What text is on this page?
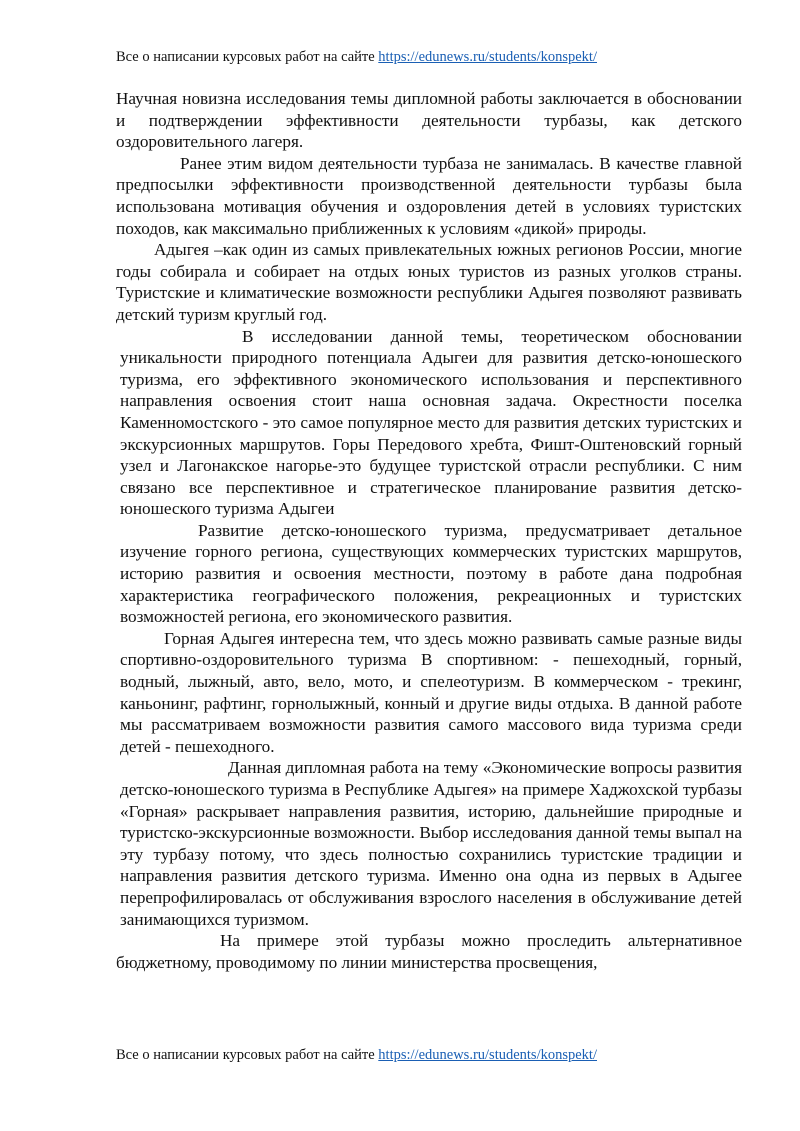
Все о написании курсовых работ на сайте https://edunews.ru/students/konspekt/

Научная новизна исследования темы дипломной работы заключается в обосновании и подтверждении эффективности деятельности турбазы, как детского оздоровительного лагеря.

Ранее этим видом деятельности турбаза не занималась. В качестве главной предпосылки эффективности производственной деятельности турбазы была использована мотивация обучения и оздоровления детей в условиях туристских походов, как максимально приближенных к условиям «дикой» природы.

Адыгея –как один из самых привлекательных южных регионов России, многие годы собирала и собирает на отдых юных туристов из разных уголков страны. Туристские и климатические возможности республики Адыгея позволяют развивать детский туризм круглый год.

В исследовании данной темы, теоретическом обосновании уникальности природного потенциала Адыгеи для развития детско-юношеского туризма, его эффективного экономического использования и перспективного направления освоения стоит наша основная задача. Окрестности поселка Каменномостского - это самое популярное место для развития детских туристских и экскурсионных маршрутов. Горы Передового хребта, Фишт-Оштеновский горный узел и Лагонакское нагорье-это будущее туристской отрасли республики. С ним связано все перспективное и стратегическое планирование развития детско-юношеского туризма Адыгеи

Развитие детско-юношеского туризма, предусматривает детальное изучение горного региона, существующих коммерческих туристских маршрутов, историю развития и освоения местности, поэтому в работе дана подробная характеристика географического положения, рекреационных и туристских возможностей региона, его экономического развития.

Горная Адыгея интересна тем, что здесь можно развивать самые разные виды спортивно-оздоровительного туризма В спортивном: - пешеходный, горный, водный, лыжный, авто, вело, мото, и спелеотуризм. В коммерческом - трекинг, каньонинг, рафтинг, горнолыжный, конный и другие виды отдыха. В данной работе мы рассматриваем возможности развития самого массового вида туризма среди детей - пешеходного.

Данная дипломная работа на тему «Экономические вопросы развития детско-юношеского туризма в Республике Адыгея» на примере Хаджохской турбазы «Горная» раскрывает направления развития, историю, дальнейшие природные и туристско-экскурсионные возможности. Выбор исследования данной темы выпал на эту турбазу потому, что здесь полностью сохранились туристские традиции и направления развития детского туризма. Именно она одна из первых в Адыгее перепрофилировалась от обслуживания взрослого населения в обслуживание детей занимающихся туризмом.

На примере этой турбазы можно проследить альтернативное бюджетному, проводимому по линии министерства просвещения,

Все о написании курсовых работ на сайте https://edunews.ru/students/konspekt/
